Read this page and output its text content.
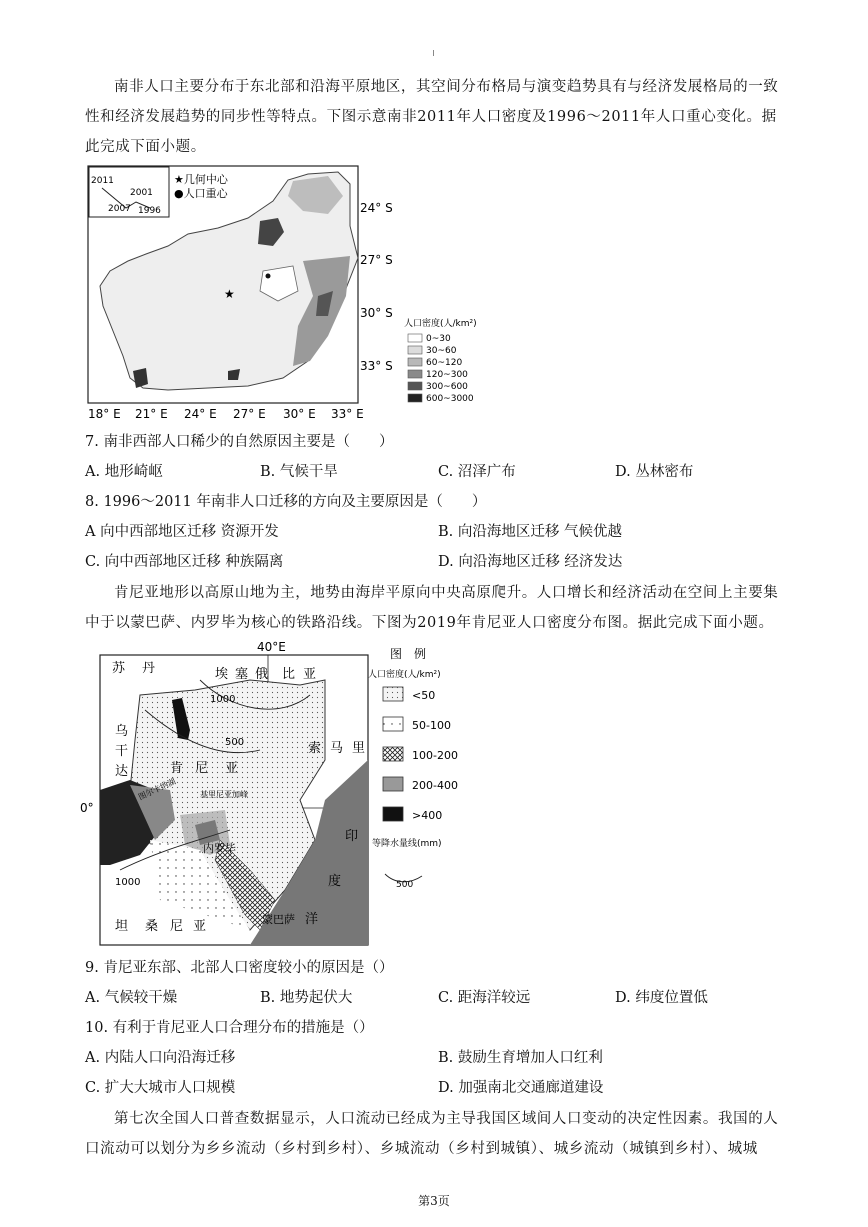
南非人口主要分布于东北部和沿海平原地区，其空间分布格局与演变趋势具有与经济发展格局的一致性和经济发展趋势的同步性等特点。下图示意南非2011年人口密度及1996～2011年人口重心变化。据此完成下面小题。
2011
2001
2007 1996
★几何中心
●人口重心
★
24° S
27° S
30° S
33° S
18° E 21° E 24° E 27° E 30° E 33° E
人口密度(人/km²)
0~30
30~60
60~120
120~300
300~600
600~3000
7. 南非西部人口稀少的自然原因主要是（　　）
A. 地形崎岖	B. 气候干旱	C. 沼泽广布	D. 丛林密布
8. 1996～2011 年南非人口迁移的方向及主要原因是（　　）
A 向中西部地区迁移 资源开发	B. 向沿海地区迁移 气候优越
C. 向中西部地区迁移 种族隔离	D. 向沿海地区迁移 经济发达
肯尼亚地形以高原山地为主，地势由海岸平原向中央高原爬升。人口增长和经济活动在空间上主要集中于以蒙巴萨、内罗毕为核心的铁路沿线。下图为2019年肯尼亚人口密度分布图。据此完成下面小题。
40°E
0°
1000
500
1000
苏 丹	埃 塞 俄 比 亚
乌
干
达	肯 尼 亚
索 马 里
坦 桑 尼 亚
印
度
洋
图尔卡纳湖	基里尼亚加峰
内罗毕
蒙巴萨
图　例
人口密度(人/km²)
<50
50-100
100-200
200-400
>400
等降水量线(mm)
500
9. 肯尼亚东部、北部人口密度较小的原因是（）
A. 气候较干燥	B. 地势起伏大	C. 距海洋较远	D. 纬度位置低
10. 有利于肯尼亚人口合理分布的措施是（）
A. 内陆人口向沿海迁移	B. 鼓励生育增加人口红利
C. 扩大大城市人口规模	D. 加强南北交通廊道建设
第七次全国人口普查数据显示，人口流动已经成为主导我国区域间人口变动的决定性因素。我国的人口流动可以划分为乡乡流动（乡村到乡村）、乡城流动（乡村到城镇）、城乡流动（城镇到乡村）、城城
第3页
